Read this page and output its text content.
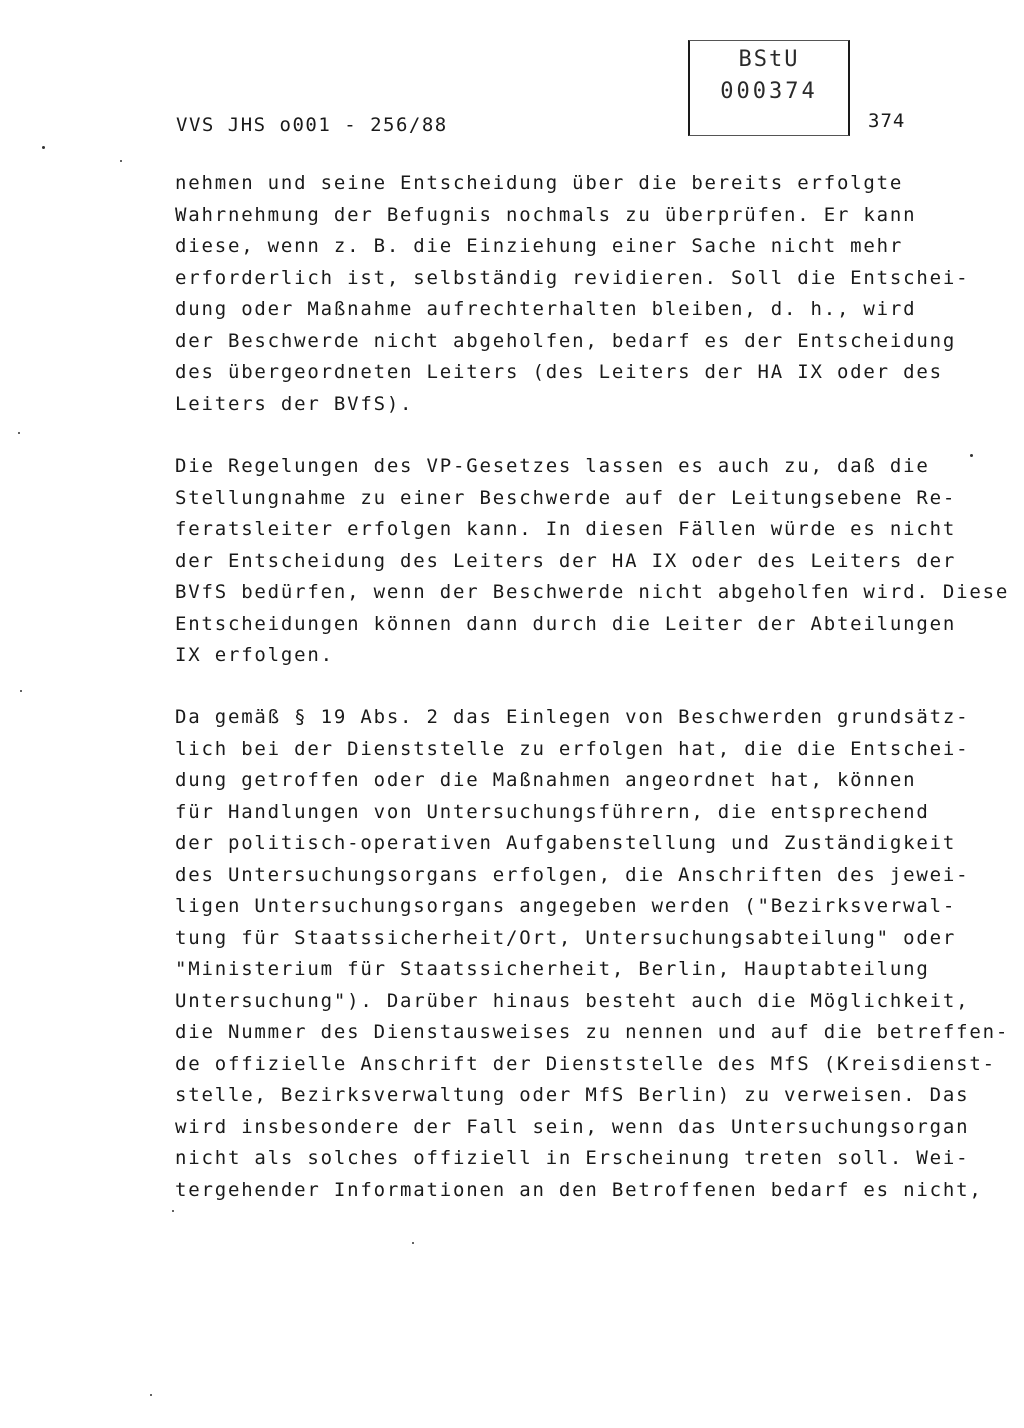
VVS JHS o001 - 256/88
BStU
000374
374
nehmen und seine Entscheidung über die bereits erfolgte
Wahrnehmung der Befugnis nochmals zu überprüfen. Er kann
diese, wenn z. B. die Einziehung einer Sache nicht mehr
erforderlich ist, selbständig revidieren. Soll die Entschei-
dung oder Maßnahme aufrechterhalten bleiben, d. h., wird
der Beschwerde nicht abgeholfen, bedarf es der Entscheidung
des übergeordneten Leiters (des Leiters der HA IX oder des
Leiters der BVfS).
Die Regelungen des VP-Gesetzes lassen es auch zu, daß die
Stellungnahme zu einer Beschwerde auf der Leitungsebene Re-
feratsleiter erfolgen kann. In diesen Fällen würde es nicht
der Entscheidung des Leiters der HA IX oder des Leiters der
BVfS bedürfen, wenn der Beschwerde nicht abgeholfen wird. Diese
Entscheidungen können dann durch die Leiter der Abteilungen
IX erfolgen.
Da gemäß § 19 Abs. 2 das Einlegen von Beschwerden grundsätz-
lich bei der Dienststelle zu erfolgen hat, die die Entschei-
dung getroffen oder die Maßnahmen angeordnet hat, können
für Handlungen von Untersuchungsführern, die entsprechend
der politisch-operativen Aufgabenstellung und Zuständigkeit
des Untersuchungsorgans erfolgen, die Anschriften des jewei-
ligen Untersuchungsorgans angegeben werden ("Bezirksverwal-
tung für Staatssicherheit/Ort, Untersuchungsabteilung" oder
"Ministerium für Staatssicherheit, Berlin, Hauptabteilung
Untersuchung"). Darüber hinaus besteht auch die Möglichkeit,
die Nummer des Dienstausweises zu nennen und auf die betreffen-
de offizielle Anschrift der Dienststelle des MfS (Kreisdienst-
stelle, Bezirksverwaltung oder MfS Berlin) zu verweisen. Das
wird insbesondere der Fall sein, wenn das Untersuchungsorgan
nicht als solches offiziell in Erscheinung treten soll. Wei-
tergehender Informationen an den Betroffenen bedarf es nicht,
